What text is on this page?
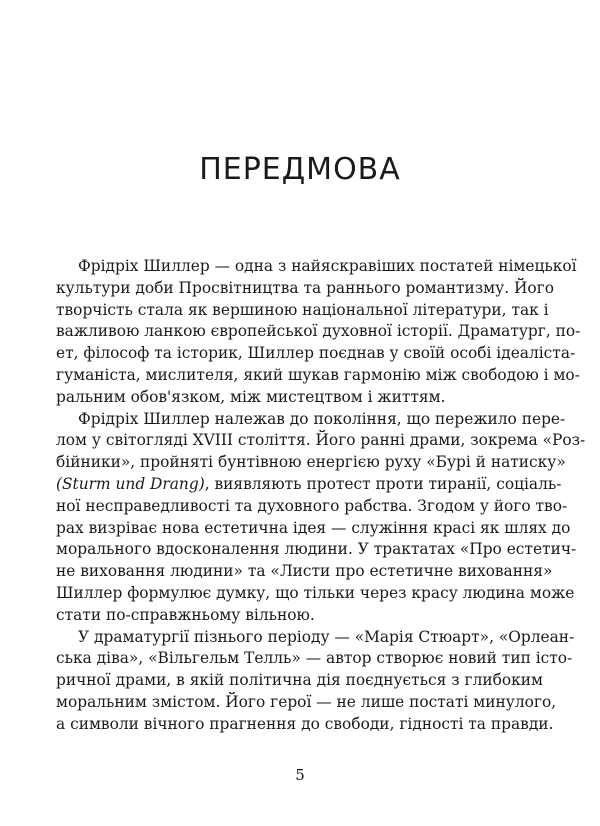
ПЕРЕДМОВА
Фрідріх Шиллер — одна з найяскравіших постатей німецької
культури доби Просвітництва та раннього романтизму. Його
творчість стала як вершиною національної літератури, так і
важливою ланкою європейської духовної історії. Драматург, по-
ет, філософ та історик, Шиллер поєднав у своїй особі ідеаліста-
гуманіста, мислителя, який шукав гармонію між свободою і мо-
ральним обов'язком, між мистецтвом і життям.
Фрідріх Шиллер належав до покоління, що пережило пере-
лом у світогляді XVIII століття. Його ранні драми, зокрема «Роз-
бійники», пройняті бунтівною енергією руху «Бурі й натиску»
(Sturm und Drang), виявляють протест проти тиранії, соціаль-
ної несправедливості та духовного рабства. Згодом у його тво-
рах визріває нова естетична ідея — служіння красі як шлях до
морального вдосконалення людини. У трактатах «Про естетич-
не виховання людини» та «Листи про естетичне виховання»
Шиллер формулює думку, що тільки через красу людина може
стати по-справжньому вільною.
У драматургії пізнього періоду — «Марія Стюарт», «Орлеан-
ська діва», «Вільгельм Телль» — автор створює новий тип істо-
ричної драми, в якій політична дія поєднується з глибоким
моральним змістом. Його герої — не лише постаті минулого,
а символи вічного прагнення до свободи, гідності та правди.
5
